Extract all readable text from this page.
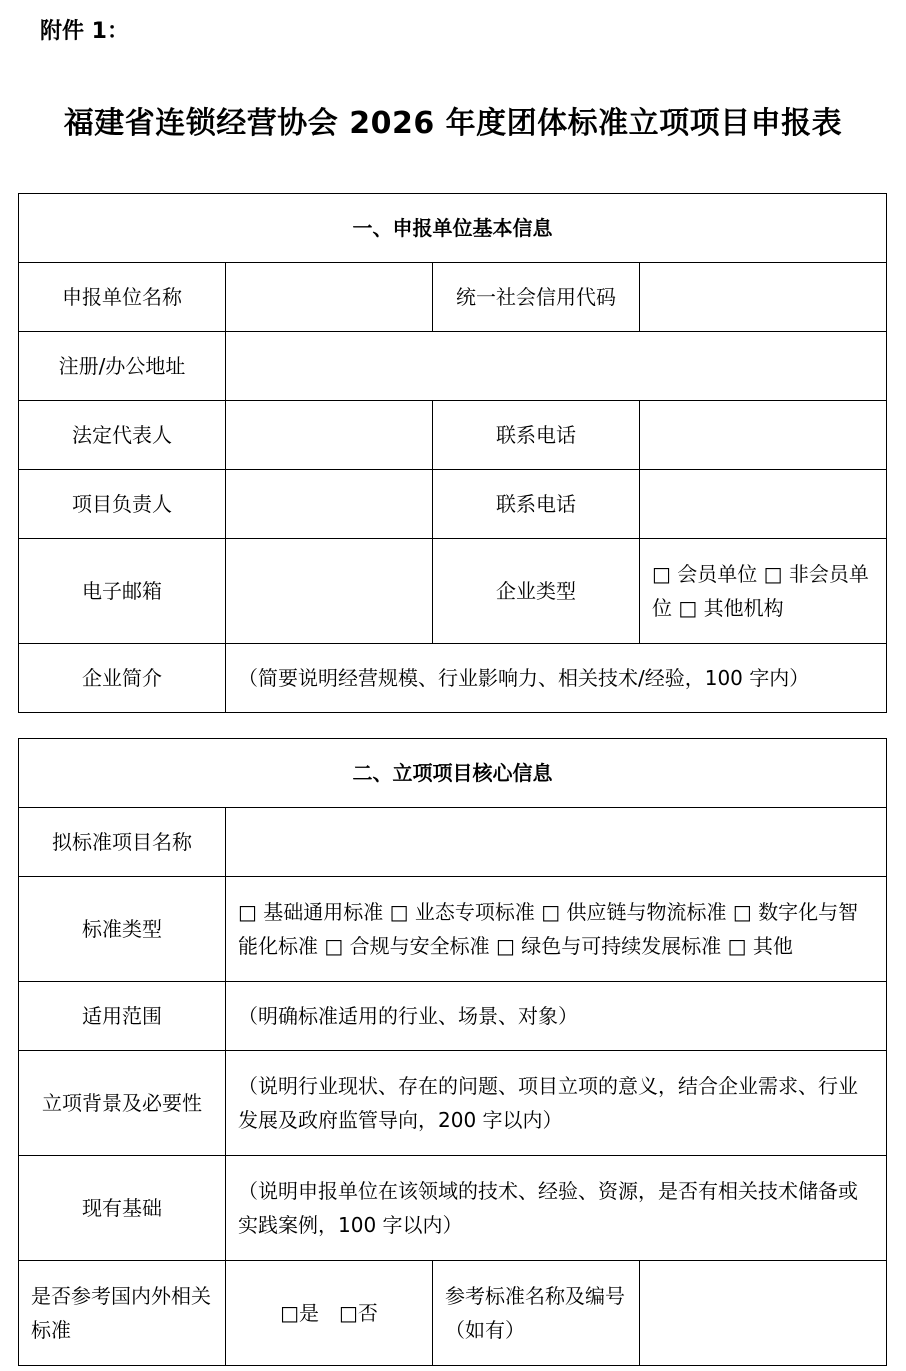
附件 1：
福建省连锁经营协会 2026 年度团体标准立项项目申报表
一、申报单位基本信息			
申报单位名称		统一社会信用代码	
注册/办公地址			
法定代表人		联系电话	
项目负责人		联系电话	
电子邮箱		企业类型	□ 会员单位 □ 非会员单位 □ 其他机构
企业简介	（简要说明经营规模、行业影响力、相关技术/经验，100 字内）		
二、立项项目核心信息			
拟标准项目名称			
标准类型	□ 基础通用标准 □ 业态专项标准 □ 供应链与物流标准 □ 数字化与智能化标准 □ 合规与安全标准 □ 绿色与可持续发展标准 □ 其他		
适用范围	（明确标准适用的行业、场景、对象）		
立项背景及必要性	（说明行业现状、存在的问题、项目立项的意义，结合企业需求、行业发展及政府监管导向，200 字以内）		
现有基础	（说明申报单位在该领域的技术、经验、资源，是否有相关技术储备或实践案例，100 字以内）		
是否参考国内外相关标准	□是　□否	参考标准名称及编号（如有）	
